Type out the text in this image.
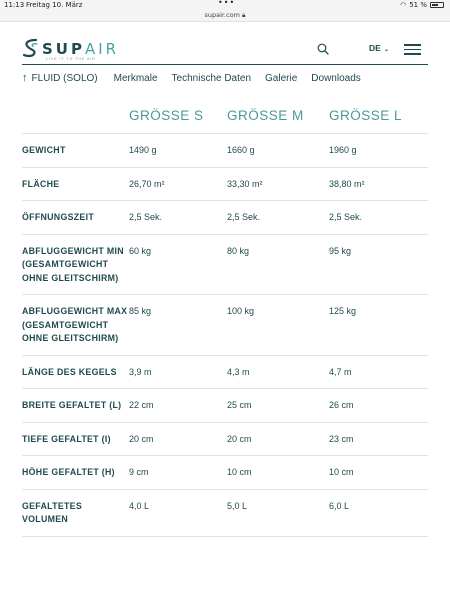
11:13 Freitag 10. März	•••	◠ 51 %
supair.com 🔒︎
SUPAIR
LIVE IT TO THE AIR
DE ⌄
↑ FLUID (SOLO) Merkmale Technische Daten Galerie Downloads
	GRÖSSE S	GRÖSSE M	GRÖSSE L
GEWICHT	1490 g	1660 g	1960 g
FLÄCHE	26,70 m²	33,30 m²	38,80 m²
ÖFFNUNGSZEIT	2,5 Sek.	2,5 Sek.	2,5 Sek.
ABFLUGGEWICHT MIN (GESAMTGEWICHT OHNE GLEITSCHIRM)	60 kg	80 kg	95 kg
ABFLUGGEWICHT MAX (GESAMTGEWICHT OHNE GLEITSCHIRM)	85 kg	100 kg	125 kg
LÄNGE DES KEGELS	3,9 m	4,3 m	4,7 m
BREITE GEFALTET (L)	22 cm	25 cm	26 cm
TIEFE GEFALTET (I)	20 cm	20 cm	23 cm
HÖHE GEFALTET (H)	9 cm	10 cm	10 cm
GEFALTETES VOLUMEN	4,0 L	5,0 L	6,0 L
